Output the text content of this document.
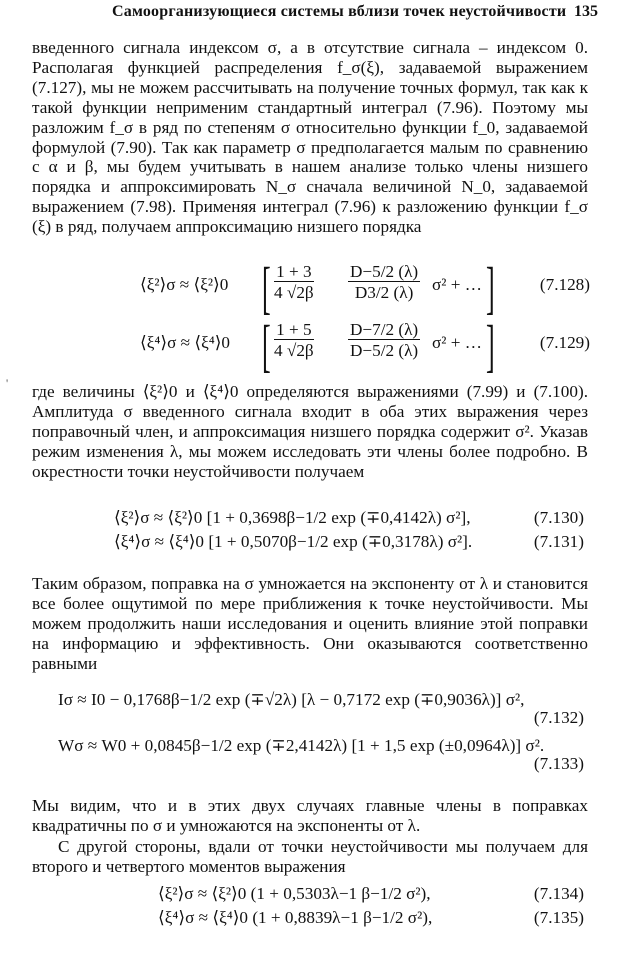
Самоорганизующиеся системы вблизи точек неустойчивости 135

введенного сигнала индексом σ, а в отсутствие сигнала – индексом 0. Располагая функцией распределения f_σ(ξ), задаваемой выражением (7.127), мы не можем рассчитывать на получение точных формул, так как к такой функции неприменим стандартный интеграл (7.96). Поэтому мы разложим f_σ в ряд по степеням σ относительно функции f_0, задаваемой формулой (7.90). Так как параметр σ предполагается малым по сравнению с α и β, мы будем учитывать в нашем анализе только члены низшего порядка и аппроксимировать N_σ сначала величиной N_0, задаваемой выражением (7.98). Применяя интеграл (7.96) к разложению функции f_σ (ξ) в ряд, получаем аппроксимацию низшего порядка

⟨ξ²⟩σ ≈ ⟨ξ²⟩0 [ $\frac{1 + 3}{4 √2\beta} \frac{D-5/2 (\lambda)}{D3/2 (\lambda)} \sigma^2$ + … ]	(7.128)
⟨ξ⁴⟩σ ≈ ⟨ξ⁴⟩0 [ $\frac{1 + 5}{4 √2\beta} \frac{D-7/2 (\lambda)}{D-5/2 (\lambda)} \sigma^2$ + … ]	(7.129)

где величины ⟨ξ²⟩0 и ⟨ξ⁴⟩0 определяются выражениями (7.99) и (7.100). Амплитуда σ введенного сигнала входит в оба этих выражения через поправочный член, и аппроксимация низшего порядка содержит σ². Указав режим изменения λ, мы можем исследовать эти члены более подробно. В окрестности точки неустойчивости получаем

⟨ξ²⟩σ ≈ ⟨ξ²⟩0 [1 + 0,3698β−1/2 exp (∓0,4142λ) σ²],	(7.130)
⟨ξ⁴⟩σ ≈ ⟨ξ⁴⟩0 [1 + 0,5070β−1/2 exp (∓0,3178λ) σ²].	(7.131)

Таким образом, поправка на σ умножается на экспоненту от λ и становится все более ощутимой по мере приближения к точке неустойчивости. Мы можем продолжить наши исследования и оценить влияние этой поправки на информацию и эффективность. Они оказываются соответственно равными

Iσ ≈ I0 − 0,1768β−1/2 exp (∓√2λ) [λ − 0,7172 exp (∓0,9036λ)] σ²,
(7.132)
Wσ ≈ W0 + 0,0845β−1/2 exp (∓2,4142λ) [1 + 1,5 exp (±0,0964λ)] σ².
(7.133)

Мы видим, что и в этих двух случаях главные члены в поправках квадратичны по σ и умножаются на экспоненты от λ.

С другой стороны, вдали от точки неустойчивости мы получаем для второго и четвертого моментов выражения

⟨ξ²⟩σ ≈ ⟨ξ²⟩0 (1 + 0,5303λ−1 β−1/2 σ²),	(7.134)
⟨ξ⁴⟩σ ≈ ⟨ξ⁴⟩0 (1 + 0,8839λ−1 β−1/2 σ²),	(7.135)
'
